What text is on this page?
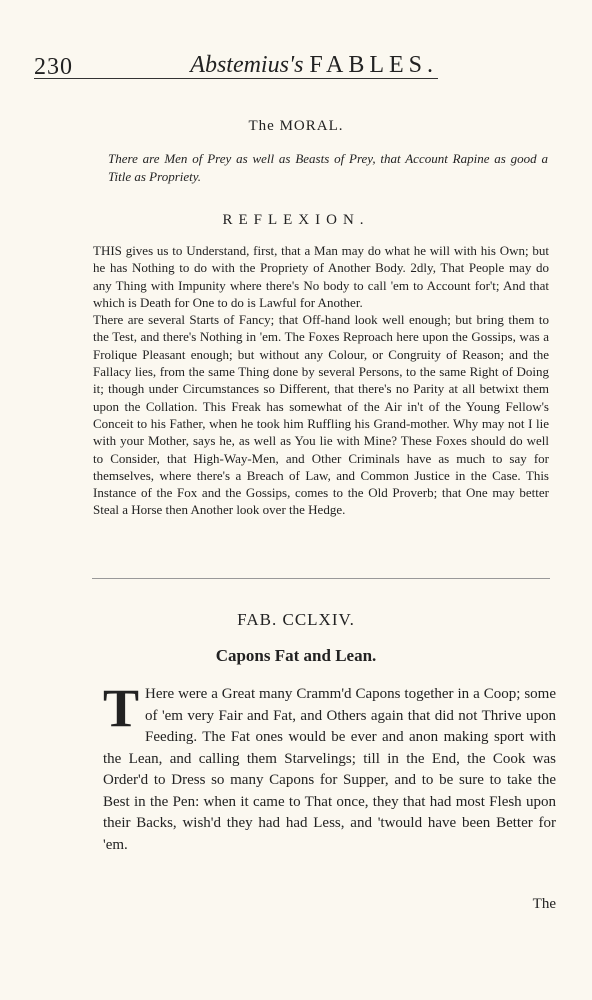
230	Abstemius's FABLES.
The MORAL.
There are Men of Prey as well as Beasts of Prey, that Account Rapine as good a Title as Propriety.
REFLEXION.

THIS gives us to Understand, first, that a Man may do what he will with his Own; but he has Nothing to do with the Propriety of Another Body. 2dly, That People may do any Thing with Impunity where there's No body to call 'em to Account for't; And that which is Death for One to do is Lawful for Another.

There are several Starts of Fancy; that Off-hand look well enough; but bring them to the Test, and there's Nothing in 'em. The Foxes Reproach here upon the Gossips, was a Frolique Pleasant enough; but without any Colour, or Congruity of Reason; and the Fallacy lies, from the same Thing done by several Persons, to the same Right of Doing it; though under Circumstances so Different, that there's no Parity at all betwixt them upon the Collation. This Freak has somewhat of the Air in't of the Young Fellow's Conceit to his Father, when he took him Ruffling his Grand-mother. Why may not I lie with your Mother, says he, as well as You lie with Mine? These Foxes should do well to Consider, that High-Way-Men, and Other Criminals have as much to say for themselves, where there's a Breach of Law, and Common Justice in the Case. This Instance of the Fox and the Gossips, comes to the Old Proverb; that One may better Steal a Horse then Another look over the Hedge.

FAB. CCLXIV.
Capons Fat and Lean.
T Here were a Great many Cramm'd Capons together in a Coop; some of 'em very Fair and Fat, and Others again that did not Thrive upon Feeding. The Fat ones would be ever and anon making sport with the Lean, and calling them Starvelings; till in the End, the Cook was Order'd to Dress so many Capons for Supper, and to be sure to take the Best in the Pen: when it came to That once, they that had most Flesh upon their Backs, wish'd they had had Less, and 'twould have been Better for 'em.
The
